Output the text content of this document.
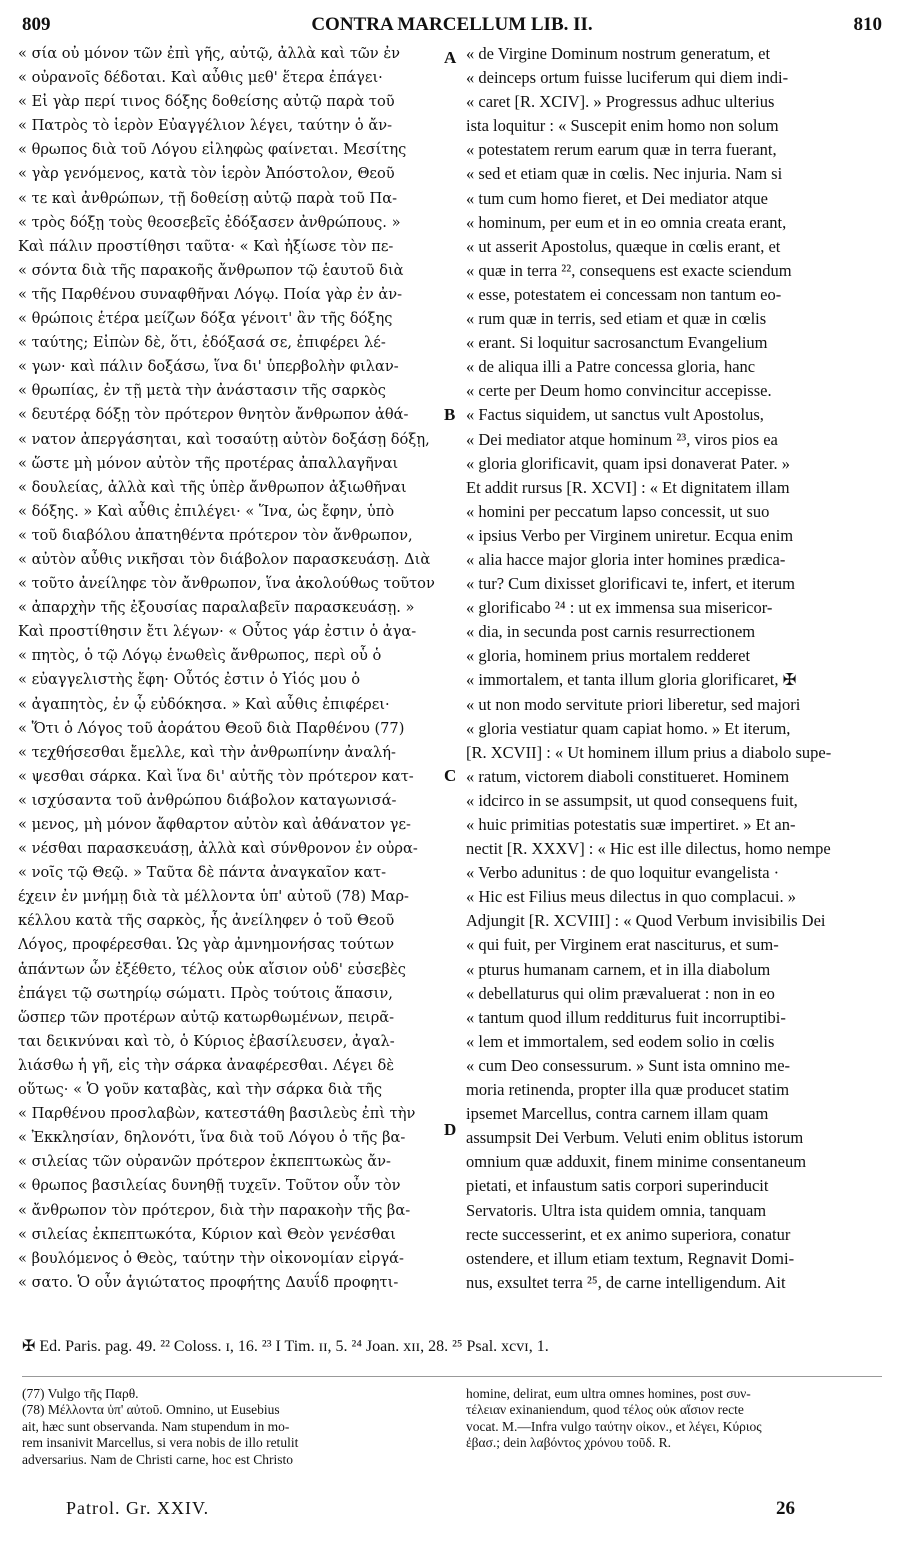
809	CONTRA MARCELLUM LIB. II.	810
« σία οὐ μόνον τῶν ἐπὶ γῆς, αὐτῷ, ἀλλὰ καὶ τῶν ἐν
« οὐρανοῖς δέδοται. Καὶ αὖθις μεθ' ἕτερα ἐπάγει·
« Εἰ γὰρ περί τινος δόξης δοθείσης αὐτῷ παρὰ τοῦ
« Πατρὸς τὸ ἱερὸν Εὐαγγέλιον λέγει, ταύτην ὁ ἄν-
« θρωπος διὰ τοῦ Λόγου εἰληφὼς φαίνεται. Μεσίτης
« γὰρ γενόμενος, κατὰ τὸν ἱερὸν Ἀπόστολον, Θεοῦ
« τε καὶ ἀνθρώπων, τῇ δοθείσῃ αὐτῷ παρὰ τοῦ Πα-
« τρὸς δόξῃ τοὺς θεοσεβεῖς ἐδόξασεν ἀνθρώπους. »
Καὶ πάλιν προστίθησι ταῦτα· « Καὶ ἠξίωσε τὸν πε-
« σόντα διὰ τῆς παρακοῆς ἄνθρωπον τῷ ἑαυτοῦ διὰ
« τῆς Παρθένου συναφθῆναι Λόγῳ. Ποία γὰρ ἐν ἀν-
« θρώποις ἑτέρα μείζων δόξα γένοιτ' ἂν τῆς δόξης
« ταύτης; Εἰπὼν δὲ, ὅτι, ἐδόξασά σε, ἐπιφέρει λέ-
« γων· καὶ πάλιν δοξάσω, ἵνα δι' ὑπερβολὴν φιλαν-
« θρωπίας, ἐν τῇ μετὰ τὴν ἀνάστασιν τῆς σαρκὸς
« δευτέρᾳ δόξῃ τὸν πρότερον θνητὸν ἄνθρωπον ἀθά-
« νατον ἀπεργάσηται, καὶ τοσαύτῃ αὐτὸν δοξάσῃ δόξῃ,
« ὥστε μὴ μόνον αὐτὸν τῆς προτέρας ἀπαλλαγῆναι
« δουλείας, ἀλλὰ καὶ τῆς ὑπὲρ ἄνθρωπον ἀξιωθῆναι
« δόξης. » Καὶ αὖθις ἐπιλέγει· « Ἵνα, ὡς ἔφην, ὑπὸ
« τοῦ διαβόλου ἀπατηθέντα πρότερον τὸν ἄνθρωπον,
« αὐτὸν αὖθις νικῆσαι τὸν διάβολον παρασκευάσῃ. Διὰ
« τοῦτο ἀνείληφε τὸν ἄνθρωπον, ἵνα ἀκολούθως τοῦτον
« ἀπαρχὴν τῆς ἐξουσίας παραλαβεῖν παρασκευάσῃ. »
Καὶ προστίθησιν ἔτι λέγων· « Οὗτος γάρ ἐστιν ὁ ἀγα-
« πητὸς, ὁ τῷ Λόγῳ ἑνωθεὶς ἄνθρωπος, περὶ οὗ ὁ
« εὐαγγελιστὴς ἔφη· Οὗτός ἐστιν ὁ Υἱός μου ὁ
« ἀγαπητὸς, ἐν ᾧ εὐδόκησα. » Καὶ αὖθις ἐπιφέρει·
« Ὅτι ὁ Λόγος τοῦ ἀοράτου Θεοῦ διὰ Παρθένου (77)
« τεχθήσεσθαι ἔμελλε, καὶ τὴν ἀνθρωπίνην ἀναλή-
« ψεσθαι σάρκα. Καὶ ἵνα δι' αὐτῆς τὸν πρότερον κατ-
« ισχύσαντα τοῦ ἀνθρώπου διάβολον καταγωνισά-
« μενος, μὴ μόνον ἄφθαρτον αὐτὸν καὶ ἀθάνατον γε-
« νέσθαι παρασκευάσῃ, ἀλλὰ καὶ σύνθρονον ἐν οὐρα-
« νοῖς τῷ Θεῷ. » Ταῦτα δὲ πάντα ἀναγκαῖον κατ-
έχειν ἐν μνήμῃ διὰ τὰ μέλλοντα ὑπ' αὐτοῦ (78) Μαρ-
κέλλου κατὰ τῆς σαρκὸς, ἧς ἀνείληφεν ὁ τοῦ Θεοῦ
Λόγος, προφέρεσθαι. Ὡς γὰρ ἀμνημονήσας τούτων
ἁπάντων ὧν ἐξέθετο, τέλος οὐκ αἴσιον οὐδ' εὐσεβὲς
ἐπάγει τῷ σωτηρίῳ σώματι. Πρὸς τούτοις ἅπασιν,
ὥσπερ τῶν προτέρων αὐτῷ κατωρθωμένων, πειρᾶ-
ται δεικνύναι καὶ τὸ, ὁ Κύριος ἐβασίλευσεν, ἀγαλ-
λιάσθω ἡ γῆ, εἰς τὴν σάρκα ἀναφέρεσθαι. Λέγει δὲ
οὕτως· « Ὁ γοῦν καταβὰς, καὶ τὴν σάρκα διὰ τῆς
« Παρθένου προσλαβὼν, κατεστάθη βασιλεὺς ἐπὶ τὴν
« Ἐκκλησίαν, δηλονότι, ἵνα διὰ τοῦ Λόγου ὁ τῆς βα-
« σιλείας τῶν οὐρανῶν πρότερον ἐκπεπτωκὼς ἄν-
« θρωπος βασιλείας δυνηθῇ τυχεῖν. Τοῦτον οὖν τὸν
« ἄνθρωπον τὸν πρότερον, διὰ τὴν παρακοὴν τῆς βα-
« σιλείας ἐκπεπτωκότα, Κύριον καὶ Θεὸν γενέσθαι
« βουλόμενος ὁ Θεὸς, ταύτην τὴν οἰκονομίαν εἰργά-
« σατο. Ὁ οὖν ἁγιώτατος προφήτης Δαυΐδ προφητι-
« de Virgine Dominum nostrum generatum, et
« deinceps ortum fuisse luciferum qui diem indi-
« caret [R. XCIV]. » Progressus adhuc ulterius
ista loquitur : « Suscepit enim homo non solum
« potestatem rerum earum quæ in terra fuerant,
« sed et etiam quæ in cœlis. Nec injuria. Nam si
« tum cum homo fieret, et Dei mediator atque
« hominum, per eum et in eo omnia creata erant,
« ut asserit Apostolus, quæque in cœlis erant, et
« quæ in terra ²², consequens est exacte sciendum
« esse, potestatem ei concessam non tantum eo-
« rum quæ in terris, sed etiam et quæ in cœlis
« erant. Si loquitur sacrosanctum Evangelium
« de aliqua illi a Patre concessa gloria, hanc
« certe per Deum homo convincitur accepisse.
« Factus siquidem, ut sanctus vult Apostolus,
« Dei mediator atque hominum ²³, viros pios ea
« gloria glorificavit, quam ipsi donaverat Pater. »
Et addit rursus [R. XCVI] : « Et dignitatem illam
« homini per peccatum lapso concessit, ut suo
« ipsius Verbo per Virginem uniretur. Ecqua enim
« alia hacce major gloria inter homines prædica-
« tur? Cum dixisset glorificavi te, infert, et iterum
« glorificabo ²⁴ : ut ex immensa sua misericor-
« dia, in secunda post carnis resurrectionem
« gloria, hominem prius mortalem redderet
« immortalem, et tanta illum gloria glorificaret, ✠
« ut non modo servitute priori liberetur, sed majori
« gloria vestiatur quam capiat homo. » Et iterum,
[R. XCVII] : « Ut hominem illum prius a diabolo supe-
« ratum, victorem diaboli constitueret. Hominem
« idcirco in se assumpsit, ut quod consequens fuit,
« huic primitias potestatis suæ impertiret. » Et an-
nectit [R. XXXV] : « Hic est ille dilectus, homo nempe
« Verbo adunitus : de quo loquitur evangelista ·
« Hic est Filius meus dilectus in quo complacui. »
Adjungit [R. XCVIII] : « Quod Verbum invisibilis Dei
« qui fuit, per Virginem erat nasciturus, et sum-
« pturus humanam carnem, et in illa diabolum
« debellaturus qui olim prævaluerat : non in eo
« tantum quod illum redditurus fuit incorruptibi-
« lem et immortalem, sed eodem solio in cœlis
« cum Deo consessurum. » Sunt ista omnino me-
moria retinenda, propter illa quæ producet statim
ipsemet Marcellus, contra carnem illam quam
assumpsit Dei Verbum. Veluti enim oblitus istorum
omnium quæ adduxit, finem minime consentaneum
pietati, et infaustum satis corpori superinducit
Servatoris. Ultra ista quidem omnia, tanquam
recte successerint, et ex animo superiora, conatur
ostendere, et illum etiam textum, Regnavit Domi-
nus, exsultet terra ²⁵, de carne intelligendum. Ait
A
B
C
D
✠ Ed. Paris. pag. 49. ²² Coloss. ɪ, 16. ²³ I Tim. ɪɪ, 5. ²⁴ Joan. xɪɪ, 28. ²⁵ Psal. xcvɪ, 1.
(77) Vulgo τῆς Παρθ.
(78) Μέλλοντα ὑπ' αὐτοῦ. Omnino, ut Eusebius
ait, hæc sunt observanda. Nam stupendum in mo-
rem insanivit Marcellus, si vera nobis de illo retulit
adversarius. Nam de Christi carne, hoc est Christo
homine, delirat, eum ultra omnes homines, post συν-
τέλειαν exinaniendum, quod τέλος οὐκ αἴσιον recte
vocat. M.—Infra vulgo ταύτην οἰκον., et λέγει, Κύριος
ἐβασ.; dein λαβόντος χρόνου τοῦδ. R.
Patrol. Gr. XXIV.	26
